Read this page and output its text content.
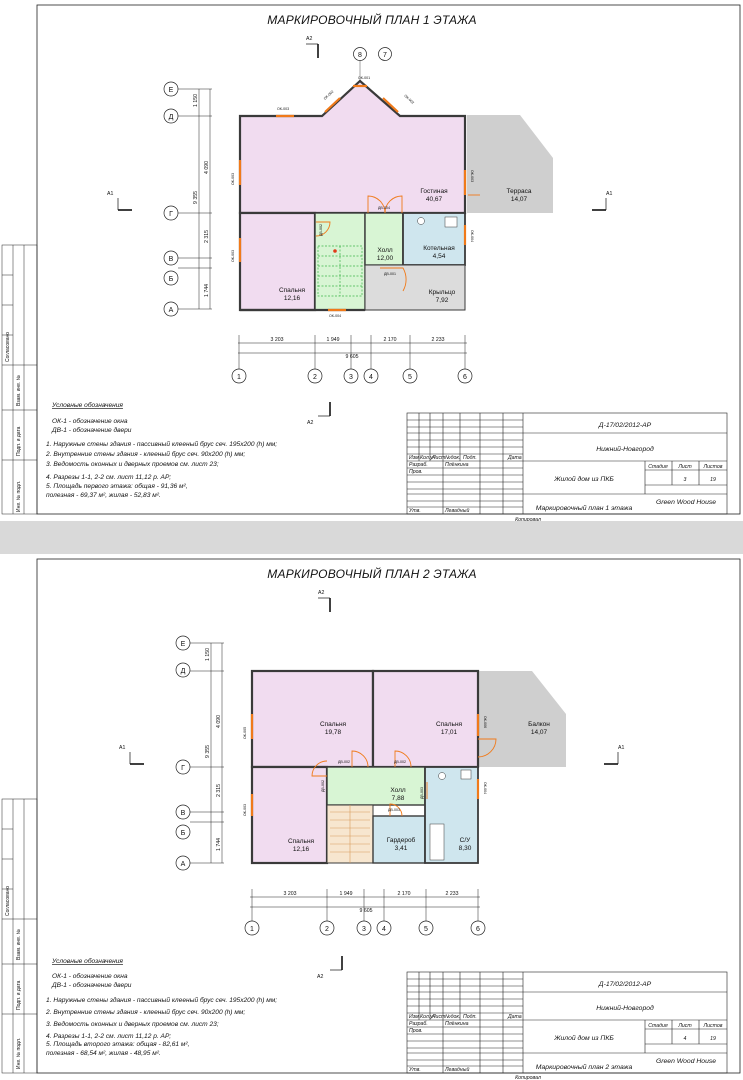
Согласовано
Взам. инв. №
Подп. и дата
Инв. № подл.
МАРКИРОВОЧНЫЙ ПЛАН 1 ЭТАЖА
А2
А2
А1	А1
ОК-001
ОК-002	ОК-002
ОК-003
ОК-003
ОК-003
ОК-003
ОК-004
ОК-004
ДВ-004
ДВ-002
ДВ-001
Гостиная
40,67
Терраса
14,07
Холл
12,00
Котельная
4,54
Спальня
12,16
Крыльцо
7,92
1 150
4 090
9 355
2 315
1 744
Е
Д
Г
В
Б
А
8	7
3 203	1 949	2 170	2 233
9 605
1	2	3 4	5	6
Условные обозначения
ОК-1 - обозначение окна
ДВ-1 - обозначение двери
1. Наружные стены здания - пассивный клееный брус сеч. 195x200 (h) мм;
2. Внутренние стены здания - клееный брус сеч. 90x200 (h) мм;
3. Ведомость оконных и дверных проемов см. лист 23;
4. Разрезы 1-1, 2-2 см. лист 11,12 р. АР;
5. Площадь первого этажа: общая - 91,36 м²,
полезная - 69,37 м², жилая - 52,83 м².
Изм. Кол.уч
Лист №док. Подп.	Дата
Разраб.	Плёнкина
Пров.
Утв.	Левадный
Д-17/02/2012-АР
Нижний-Новгород
Жилой дом из ПКБ
Маркировочный план 1 этажа
Стадия Лист Листов
3	19
Green Wood House
Копировал
Согласовано
Взам. инв. №
Подп. и дата
Инв. № подл.
МАРКИРОВОЧНЫЙ ПЛАН 2 ЭТАЖА
А2
А2
А1	А1
ОК-005
ОК-006
ОК-004
ОК-003
ДВ-002	ДВ-002
ДВ-002
ДВ-003
ДВ-003
Спальня
19,78
Спальня
17,01
Балкон
14,07
Холл
7,88
Спальня
12,16
Гардероб
3,41
С/У
8,30
1 150
4 090
9 355
2 315
1 744
Е
Д
Г
В
Б
А
3 203	1 949	2 170	2 233
9 605
1	2	3 4	5	6
Условные обозначения
ОК-1 - обозначение окна
ДВ-1 - обозначение двери
1. Наружные стены здания - пассивный клееный брус сеч. 195x200 (h) мм;
2. Внутренние стены здания - клееный брус сеч. 90x200 (h) мм;
3. Ведомость оконных и дверных проемов см. лист 23;
4. Разрезы 1-1, 2-2 см. лист 11,12 р. АР;
5. Площадь второго этажа: общая - 82,61 м²,
полезная - 68,54 м², жилая - 48,95 м².
Изм. Кол.уч
Лист №док. Подп.	Дата
Разраб.	Плёнкина
Пров.
Утв.	Левадный
Д-17/02/2012-АР
Нижний-Новгород
Жилой дом из ПКБ
Маркировочный план 2 этажа
Стадия Лист Листов
4	19
Green Wood House
Копировал
